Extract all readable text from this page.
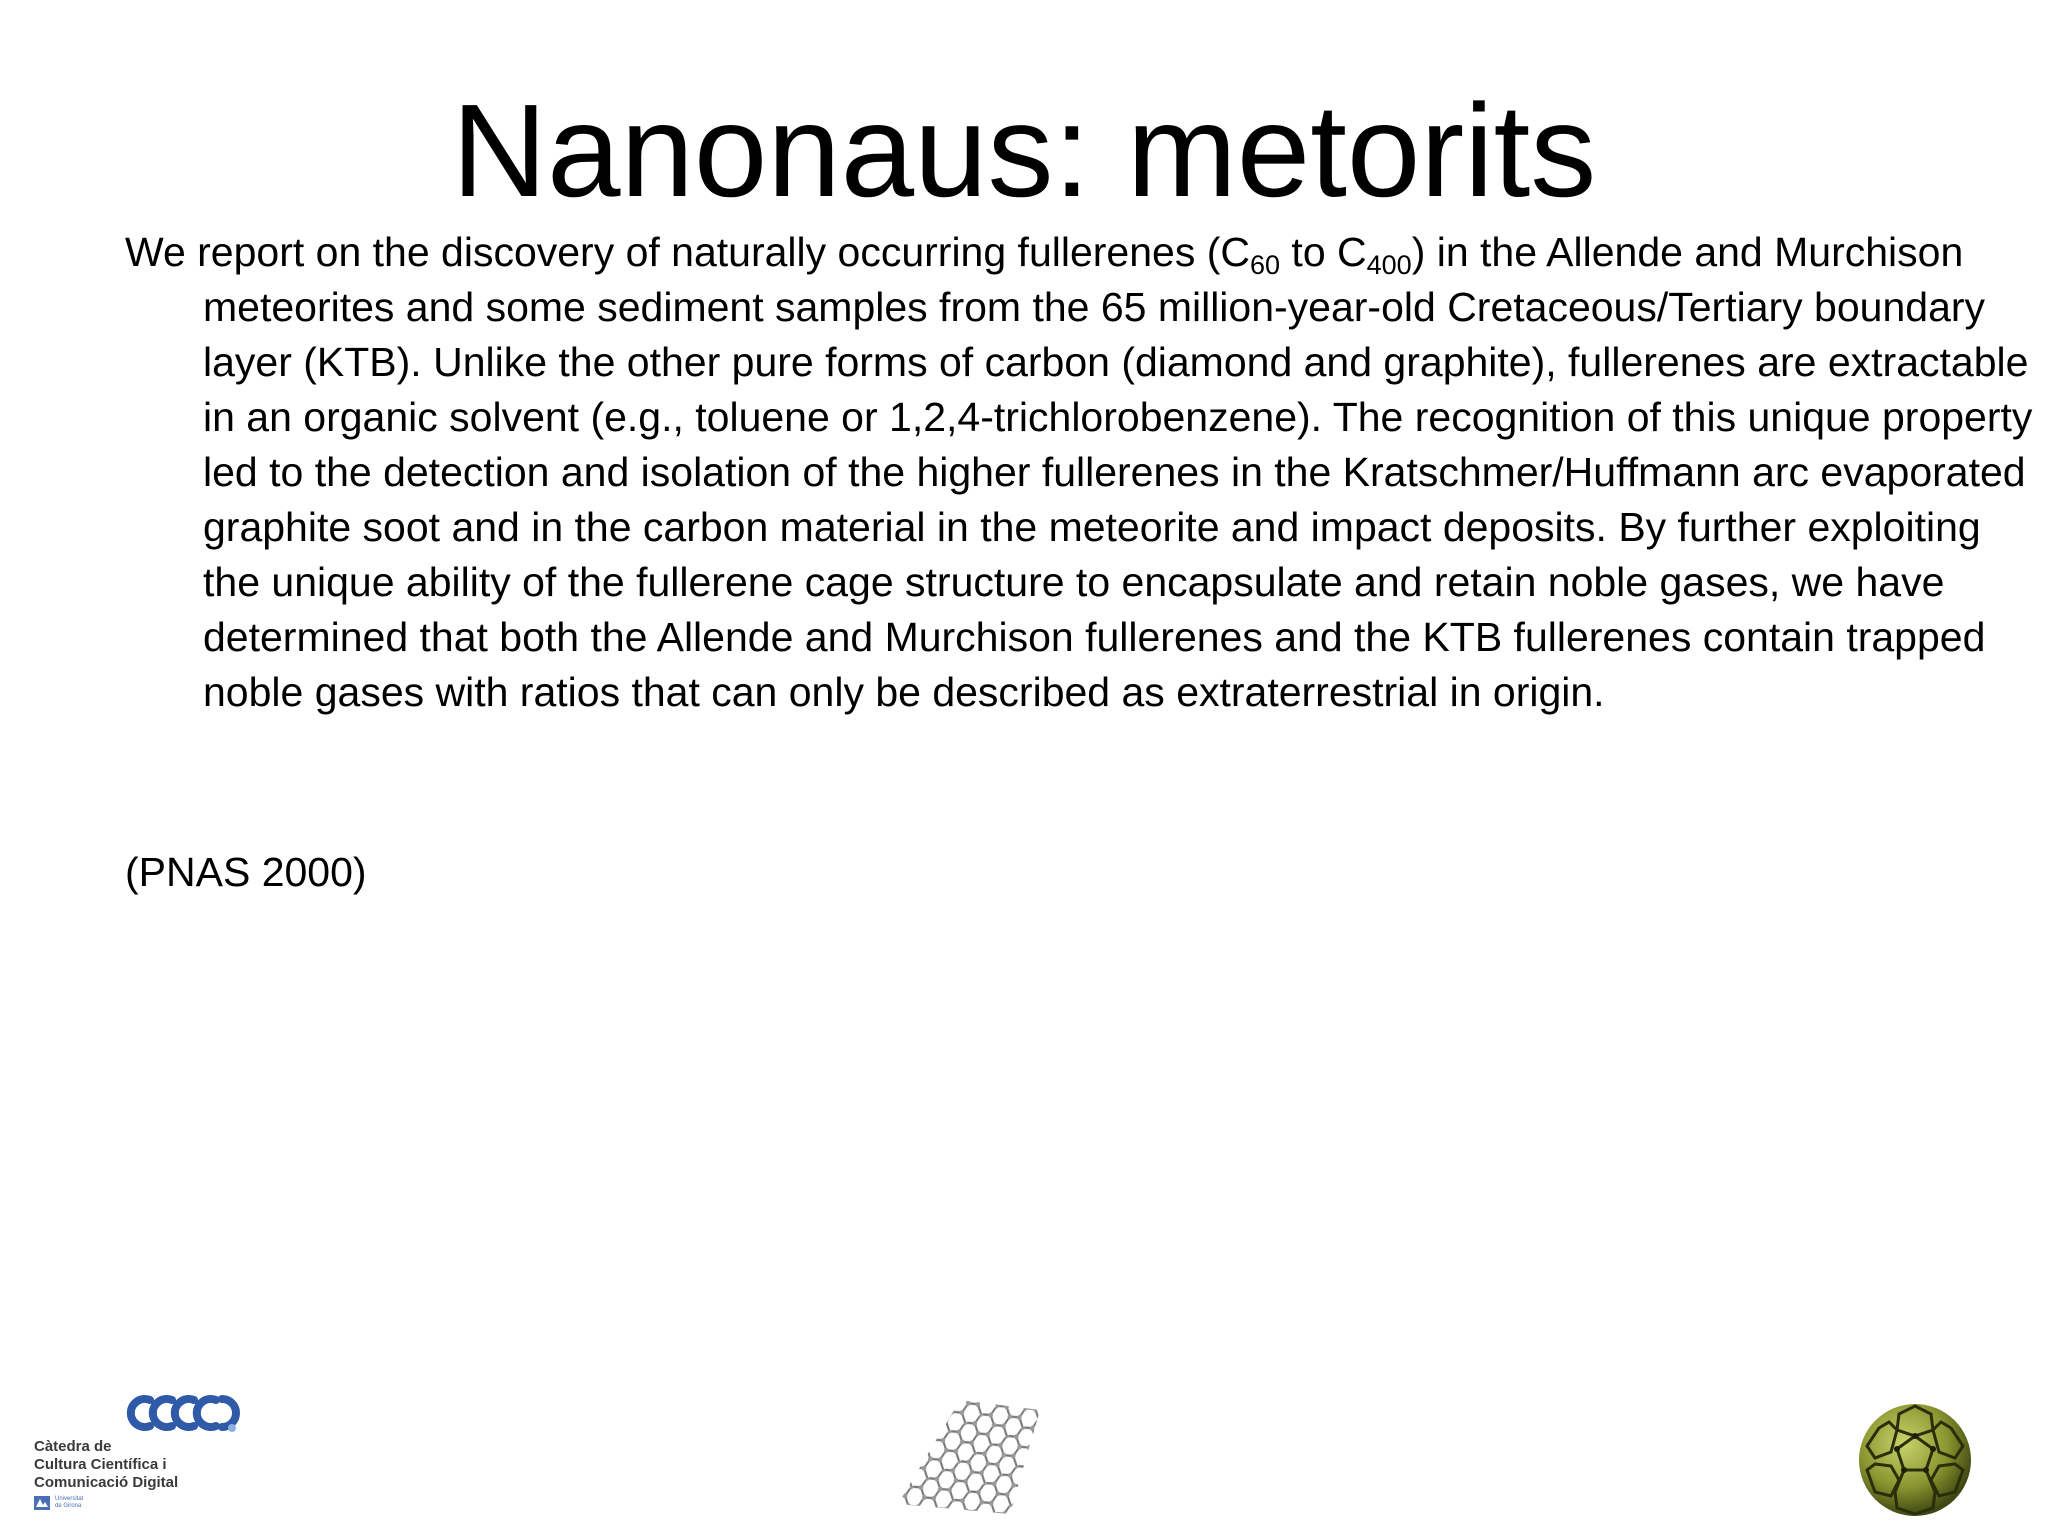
Nanonaus: metorits

We report on the discovery of naturally occurring fullerenes ($C_{60}$ to $C_{400}$) in the Allende and Murchison meteorites and some sediment samples from the 65 million-year-old Cretaceous/Tertiary boundary layer (KTB). Unlike the other pure forms of carbon (diamond and graphite), fullerenes are extractable in an organic solvent (e.g., toluene or 1,2,4-trichlorobenzene). The recognition of this unique property led to the detection and isolation of the higher fullerenes in the Kratschmer/Huffmann arc evaporated graphite soot and in the carbon material in the meteorite and impact deposits. By further exploiting the unique ability of the fullerene cage structure to encapsulate and retain noble gases, we have determined that both the Allende and Murchison fullerenes and the KTB fullerenes contain trapped noble gases with ratios that can only be described as extraterrestrial in origin.

(PNAS 2000)

Càtedra de
Cultura Científica i
Comunicació Digital
Universitat
de Girona
